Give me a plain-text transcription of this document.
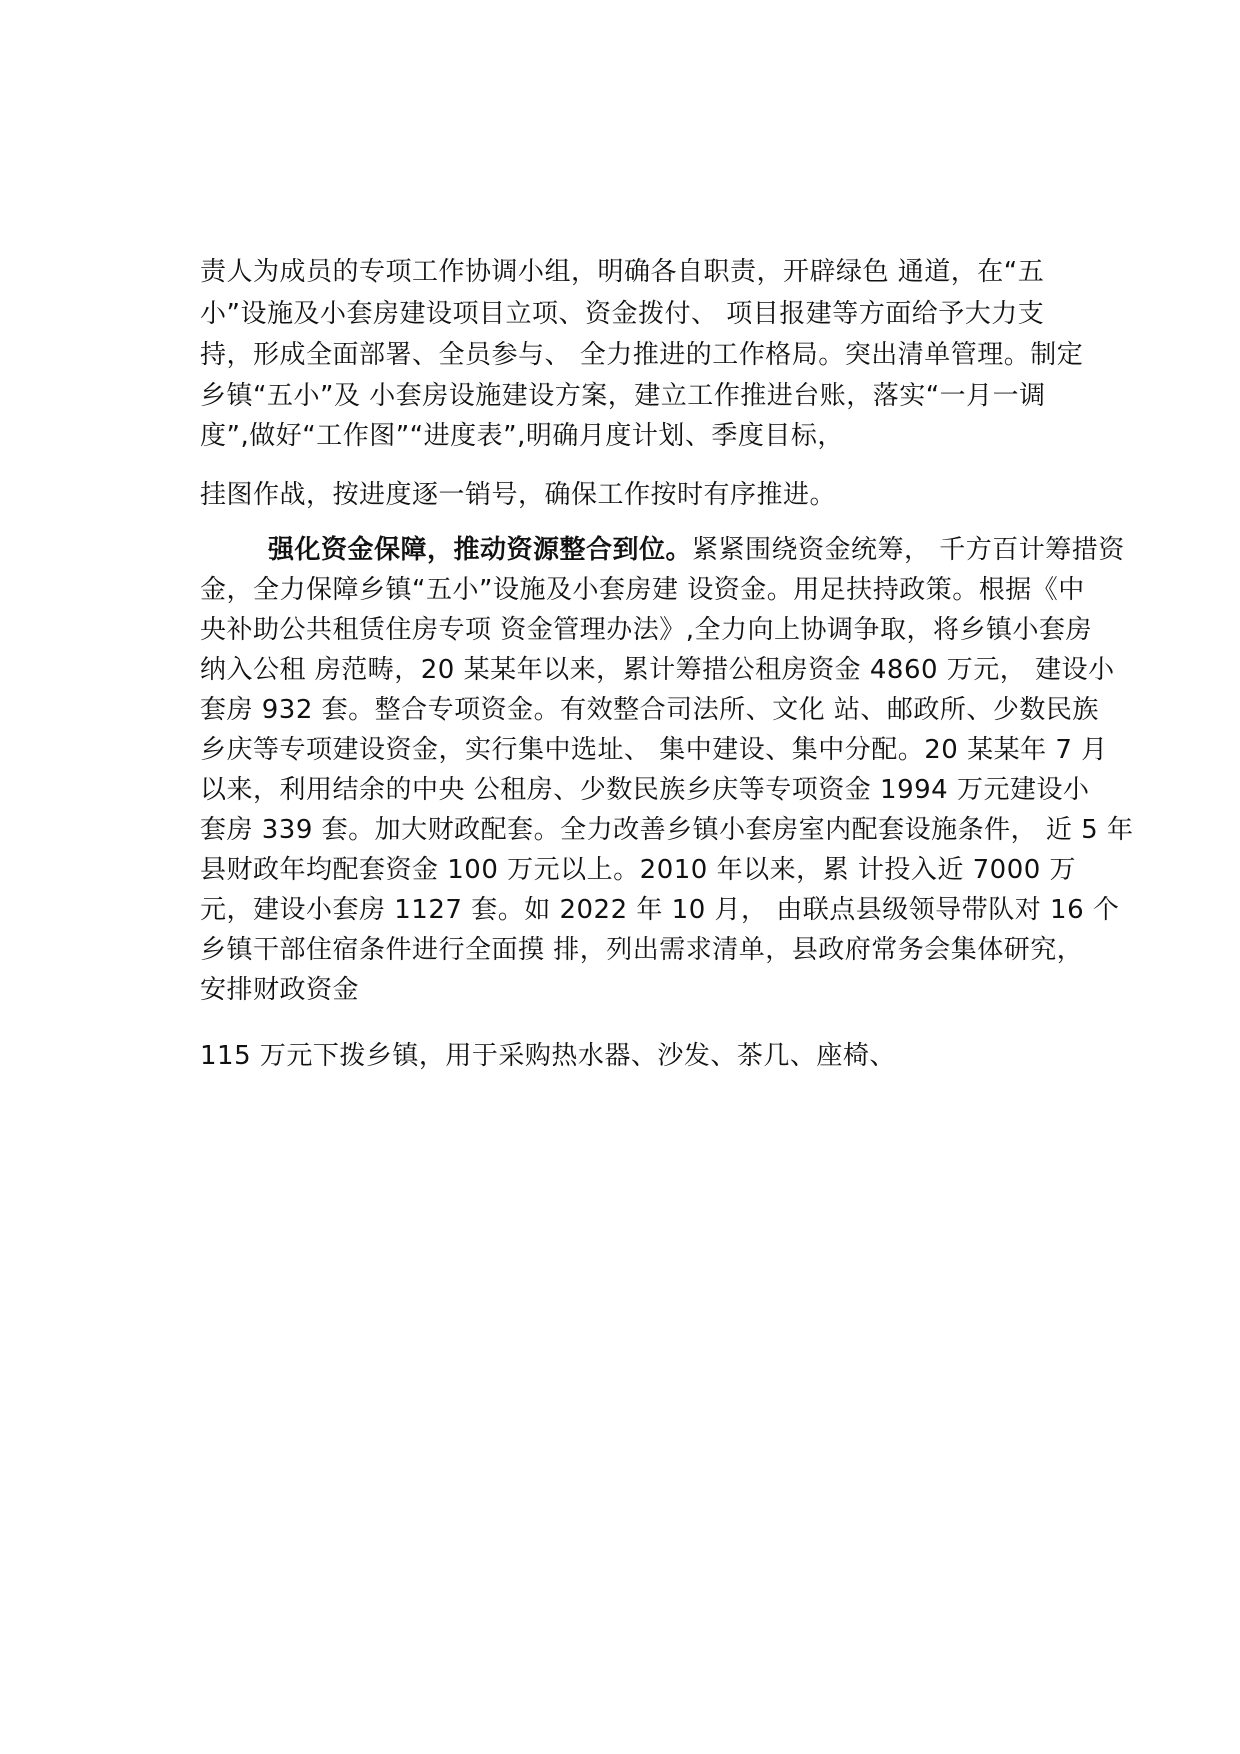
责人为成员的专项工作协调小组，明确各自职责，开辟绿色 通道，在“五
小”设施及小套房建设项目立项、资金拨付、 项目报建等方面给予大力支
持，形成全面部署、全员参与、 全力推进的工作格局。突出清单管理。制定
乡镇“五小”及 小套房设施建设方案，建立工作推进台账，落实“一月一调
度”,做好“工作图”“进度表”,明确月度计划、季度目标，
挂图作战，按进度逐一销号，确保工作按时有序推进。
强化资金保障，推动资源整合到位。紧紧围绕资金统筹， 千方百计筹措资
金，全力保障乡镇“五小”设施及小套房建 设资金。用足扶持政策。根据《中
央补助公共租赁住房专项 资金管理办法》,全力向上协调争取，将乡镇小套房
纳入公租 房范畴，20 某某年以来，累计筹措公租房资金 4860 万元， 建设小
套房 932 套。整合专项资金。有效整合司法所、文化 站、邮政所、少数民族
乡庆等专项建设资金，实行集中选址、 集中建设、集中分配。20 某某年 7 月
以来，利用结余的中央 公租房、少数民族乡庆等专项资金 1994 万元建设小
套房 339 套。加大财政配套。全力改善乡镇小套房室内配套设施条件， 近 5 年
县财政年均配套资金 100 万元以上。2010 年以来，累 计投入近 7000 万
元，建设小套房 1127 套。如 2022 年 10 月， 由联点县级领导带队对 16 个
乡镇干部住宿条件进行全面摸 排，列出需求清单，县政府常务会集体研究，
安排财政资金
115 万元下拨乡镇，用于采购热水器、沙发、茶几、座椅、
